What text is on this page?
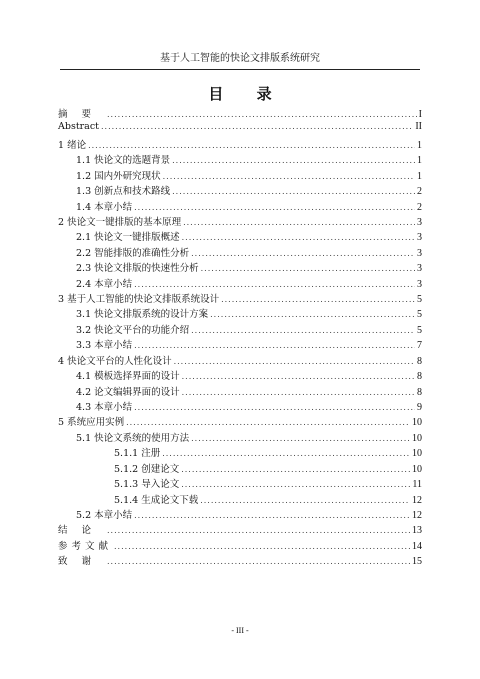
基于人工智能的快论文排版系统研究
目 录
摘要 .....	I
Abstract .....	II
1 绪论 .....	1
1.1 快论文的选题背景 .....	1
1.2 国内外研究现状 .....	1
1.3 创新点和技术路线 .....	2
1.4 本章小结 .....	2
2 快论文一键排版的基本原理 .....	3
2.1 快论文一键排版概述 .....	3
2.2 智能排版的准确性分析 .....	3
2.3 快论文排版的快速性分析 .....	3
2.4 本章小结 .....	3
3 基于人工智能的快论文排版系统设计 .....	5
3.1 快论文排版系统的设计方案 .....	5
3.2 快论文平台的功能介绍 .....	5
3.3 本章小结 .....	7
4 快论文平台的人性化设计 .....	8
4.1 模板选择界面的设计 .....	8
4.2 论文编辑界面的设计 .....	8
4.3 本章小结 .....	9
5 系统应用实例 .....	10
5.1 快论文系统的使用方法 .....	10
5.1.1 注册 .....	10
5.1.2 创建论文 .....	10
5.1.3 导入论文 .....	11
5.1.4 生成论文下载 .....	12
5.2 本章小结 .....	12
结论 .....	13
参考文献 .....	14
致谢 .....	15
- III -
